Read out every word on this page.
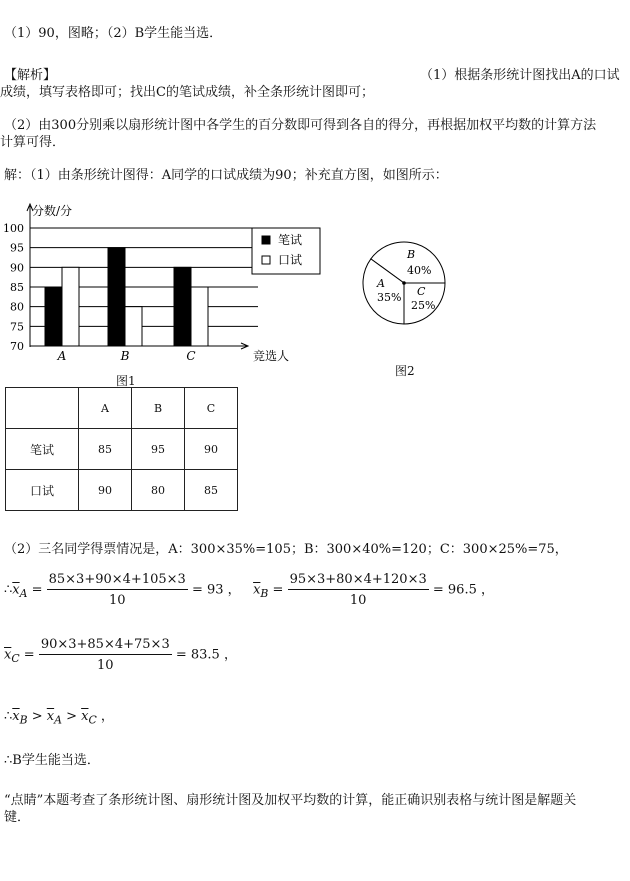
（1）90，图略；（2）B学生能当选．
【解析】	（1）根据条形统计图找出A的口试
成绩，填写表格即可；找出C的笔试成绩，补全条形统计图即可；
（2）由300分别乘以扇形统计图中各学生的百分数即可得到各自的得分，再根据加权平均数的计算方法
计算可得．
解：（1）由条形统计图得：A同学的口试成绩为90；补充直方图，如图所示：
70
75
80
85
90
95
100
分数/分
竞选人
A	B	C
笔试
口试
图1
A
35%
B
40%
C
25%
图2
	A	B	C
笔试	85	95	90
口试	90	80	85
（2）三名同学得票情况是，A：300×35%=105；B：300×40%=120；C：300×25%=75，
$\therefore\overline{x}_A = \frac{85\times 3+90\times 4+105\times 3}{10} = 93$ ，   $\overline{x}_B = \frac{95\times 3+80\times 4+120\times 3}{10} = 96.5$ ，
$\overline{x}_C = \frac{90\times 3+85\times 4+75\times 3}{10} = 83.5$ ，
$\therefore\overline{x}_B > \overline{x}_A > \overline{x}_C$ ，
∴B学生能当选．
“点睛”本题考查了条形统计图、扇形统计图及加权平均数的计算，能正确识别表格与统计图是解题关
键．
